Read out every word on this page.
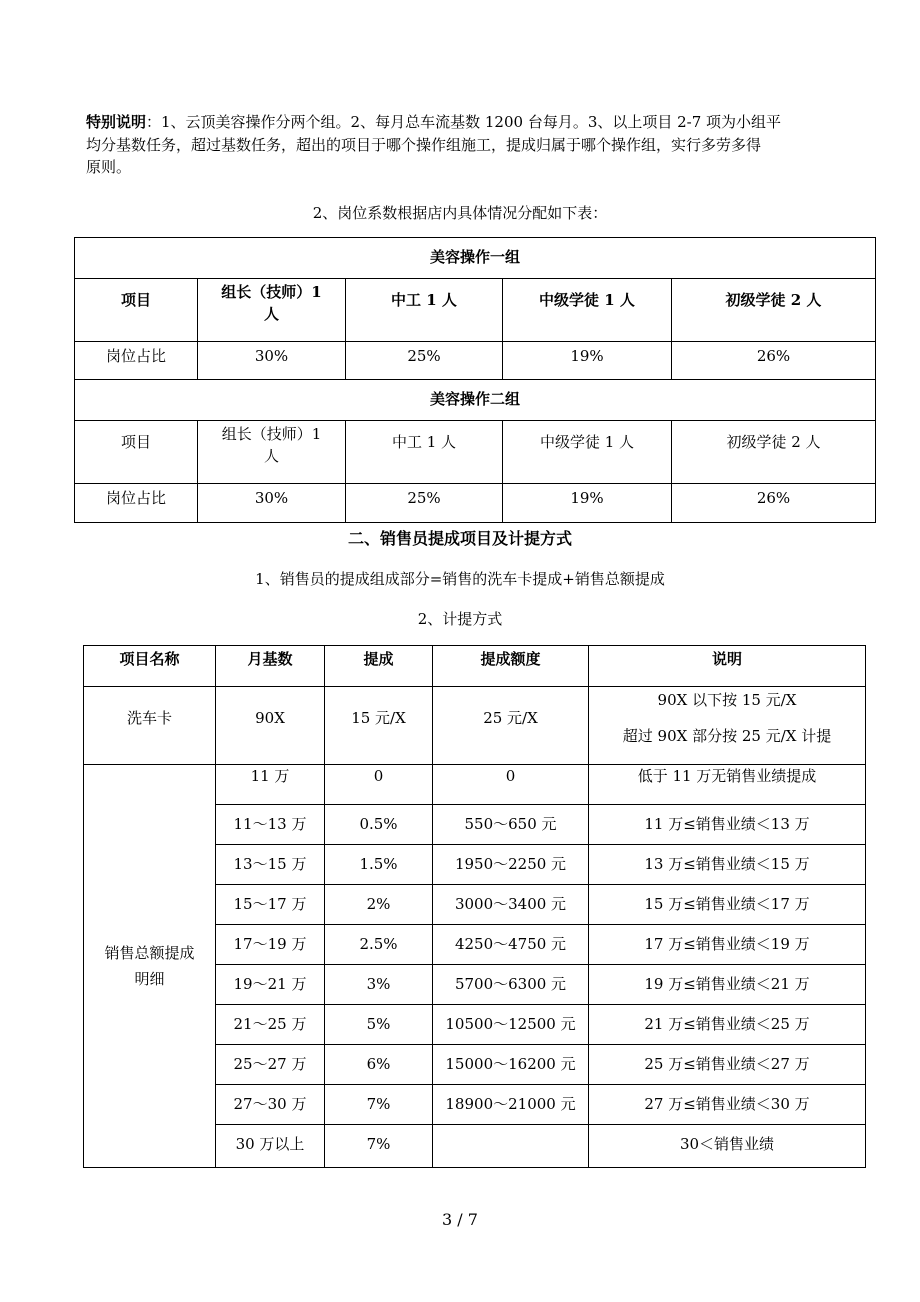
特别说明：1、云顶美容操作分两个组。2、每月总车流基数 1200 台每月。3、以上项目 2-7 项为小组平
均分基数任务，超过基数任务，超出的项目于哪个操作组施工，提成归属于哪个操作组，实行多劳多得
原则。
2、岗位系数根据店内具体情况分配如下表：
美容操作一组				
项目	组长（技师）1
人	中工 1 人	中级学徒 1 人	初级学徒 2 人
岗位占比	30%	25%	19%	26%
美容操作二组				
项目	组长（技师）1
人	中工 1 人	中级学徒 1 人	初级学徒 2 人
岗位占比	30%	25%	19%	26%
二、销售员提成项目及计提方式
1、销售员的提成组成部分=销售的洗车卡提成+销售总额提成
2、计提方式
项目名称	月基数	提成	提成额度	说明
洗车卡	90X	15 元/X	25 元/X	90X 以下按 15 元/X
超过 90X 部分按 25 元/X 计提

销售总额提成
明细	11 万	0	0	低于 11 万无销售业绩提成
	11～13 万	0.5%	550～650 元	11 万≤销售业绩＜13 万
	13～15 万	1.5%	1950～2250 元	13 万≤销售业绩＜15 万
	15～17 万	2%	3000～3400 元	15 万≤销售业绩＜17 万
	17～19 万	2.5%	4250～4750 元	17 万≤销售业绩＜19 万
	19～21 万	3%	5700～6300 元	19 万≤销售业绩＜21 万
	21～25 万	5%	10500～12500 元	21 万≤销售业绩＜25 万
	25～27 万	6%	15000～16200 元	25 万≤销售业绩＜27 万
	27～30 万	7%	18900～21000 元	27 万≤销售业绩＜30 万
	30 万以上	7%		30＜销售业绩
3 / 7
